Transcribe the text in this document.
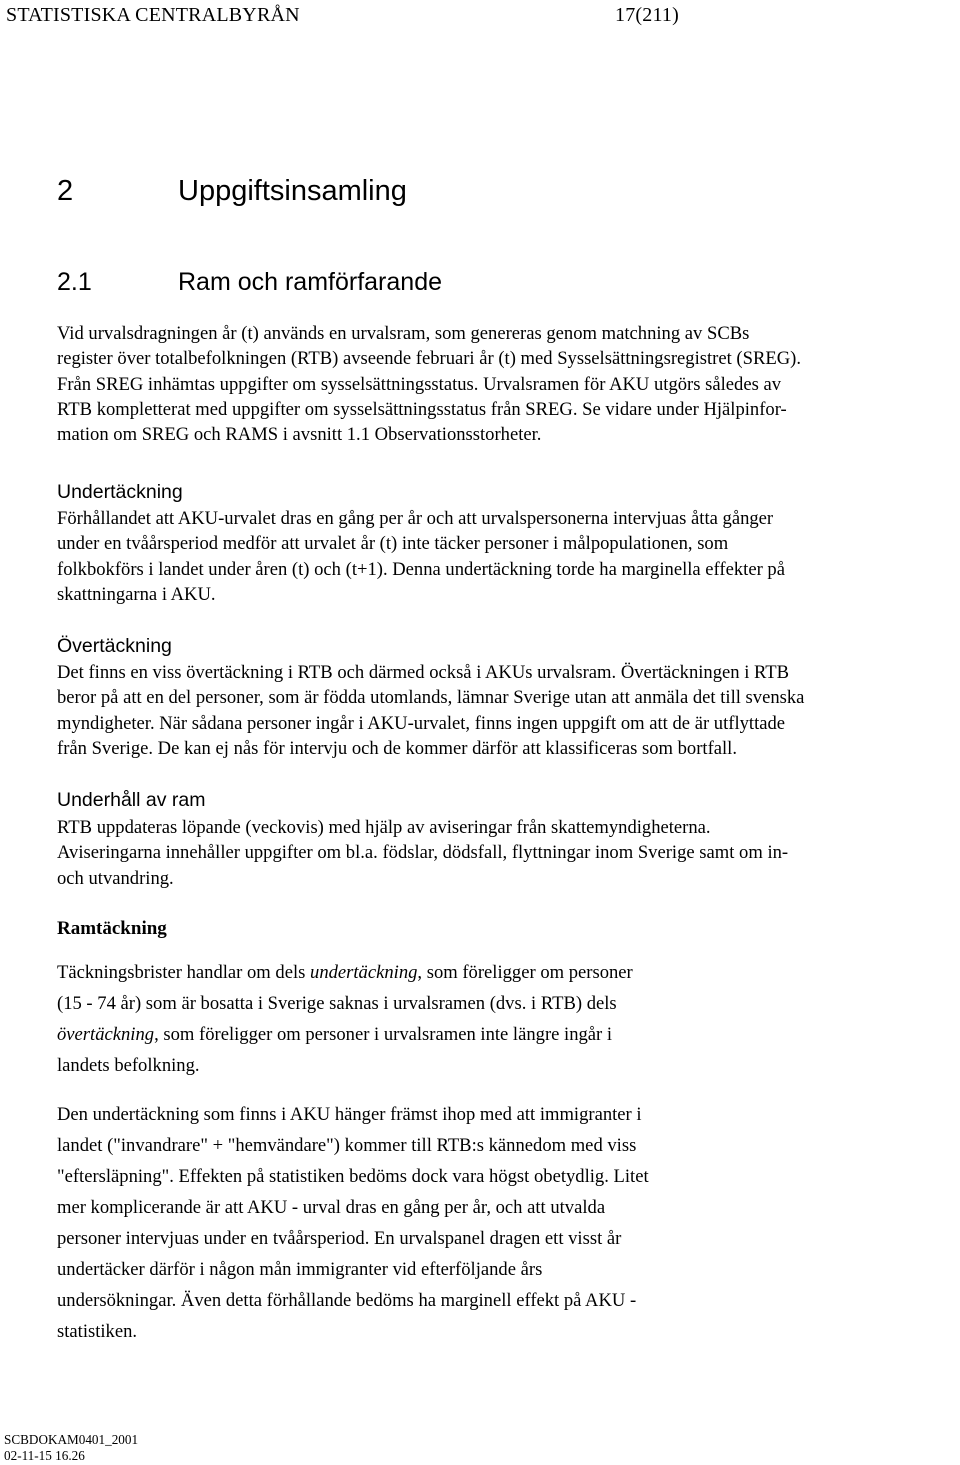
STATISTISKA CENTRALBYRÅN	17(211)
2	Uppgiftsinsamling
2.1	Ram och ramförfarande

Vid urvalsdragningen år (t) används en urvalsram, som genereras genom matchning av SCBs

register över totalbefolkningen (RTB) avseende februari år (t) med Sysselsättningsregistret (SREG).

Från SREG inhämtas uppgifter om sysselsättningsstatus. Urvalsramen för AKU utgörs således av

RTB kompletterat med uppgifter om sysselsättningsstatus från SREG. Se vidare under Hjälpinfor-

mation om SREG och RAMS i avsnitt 1.1 Observationsstorheter.

Undertäckning

Förhållandet att AKU-urvalet dras en gång per år och att urvalspersonerna intervjuas åtta gånger

under en tvåårsperiod medför att urvalet år (t) inte täcker personer i målpopulationen, som

folkbokförs i landet under åren (t) och (t+1). Denna undertäckning torde ha marginella effekter på

skattningarna i AKU.

Övertäckning

Det finns en viss övertäckning i RTB och därmed också i AKUs urvalsram. Övertäckningen i RTB

beror på att en del personer, som är födda utomlands, lämnar Sverige utan att anmäla det till svenska

myndigheter. När sådana personer ingår i AKU-urvalet, finns ingen uppgift om att de är utflyttade

från Sverige. De kan ej nås för intervju och de kommer därför att klassificeras som bortfall.

Underhåll av ram

RTB uppdateras löpande (veckovis) med hjälp av aviseringar från skattemyndigheterna.

Aviseringarna innehåller uppgifter om bl.a. födslar, dödsfall, flyttningar inom Sverige samt om in-

och utvandring.

Ramtäckning

Täckningsbrister handlar om dels undertäckning, som föreligger om personer

(15 - 74 år) som är bosatta i Sverige saknas i urvalsramen (dvs. i RTB) dels

övertäckning, som föreligger om personer i urvalsramen inte längre ingår i

landets befolkning.

Den undertäckning som finns i AKU hänger främst ihop med att immigranter i

landet ("invandrare" + "hemvändare") kommer till RTB:s kännedom med viss

"eftersläpning". Effekten på statistiken bedöms dock vara högst obetydlig. Litet

mer komplicerande är att AKU - urval dras en gång per år, och att utvalda

personer intervjuas under en tvåårsperiod. En urvalspanel dragen ett visst år

undertäcker därför i någon mån immigranter vid efterföljande års

undersökningar. Även detta förhållande bedöms ha marginell effekt på AKU -

statistiken.

SCBDOKAM0401_2001
02-11-15 16.26
